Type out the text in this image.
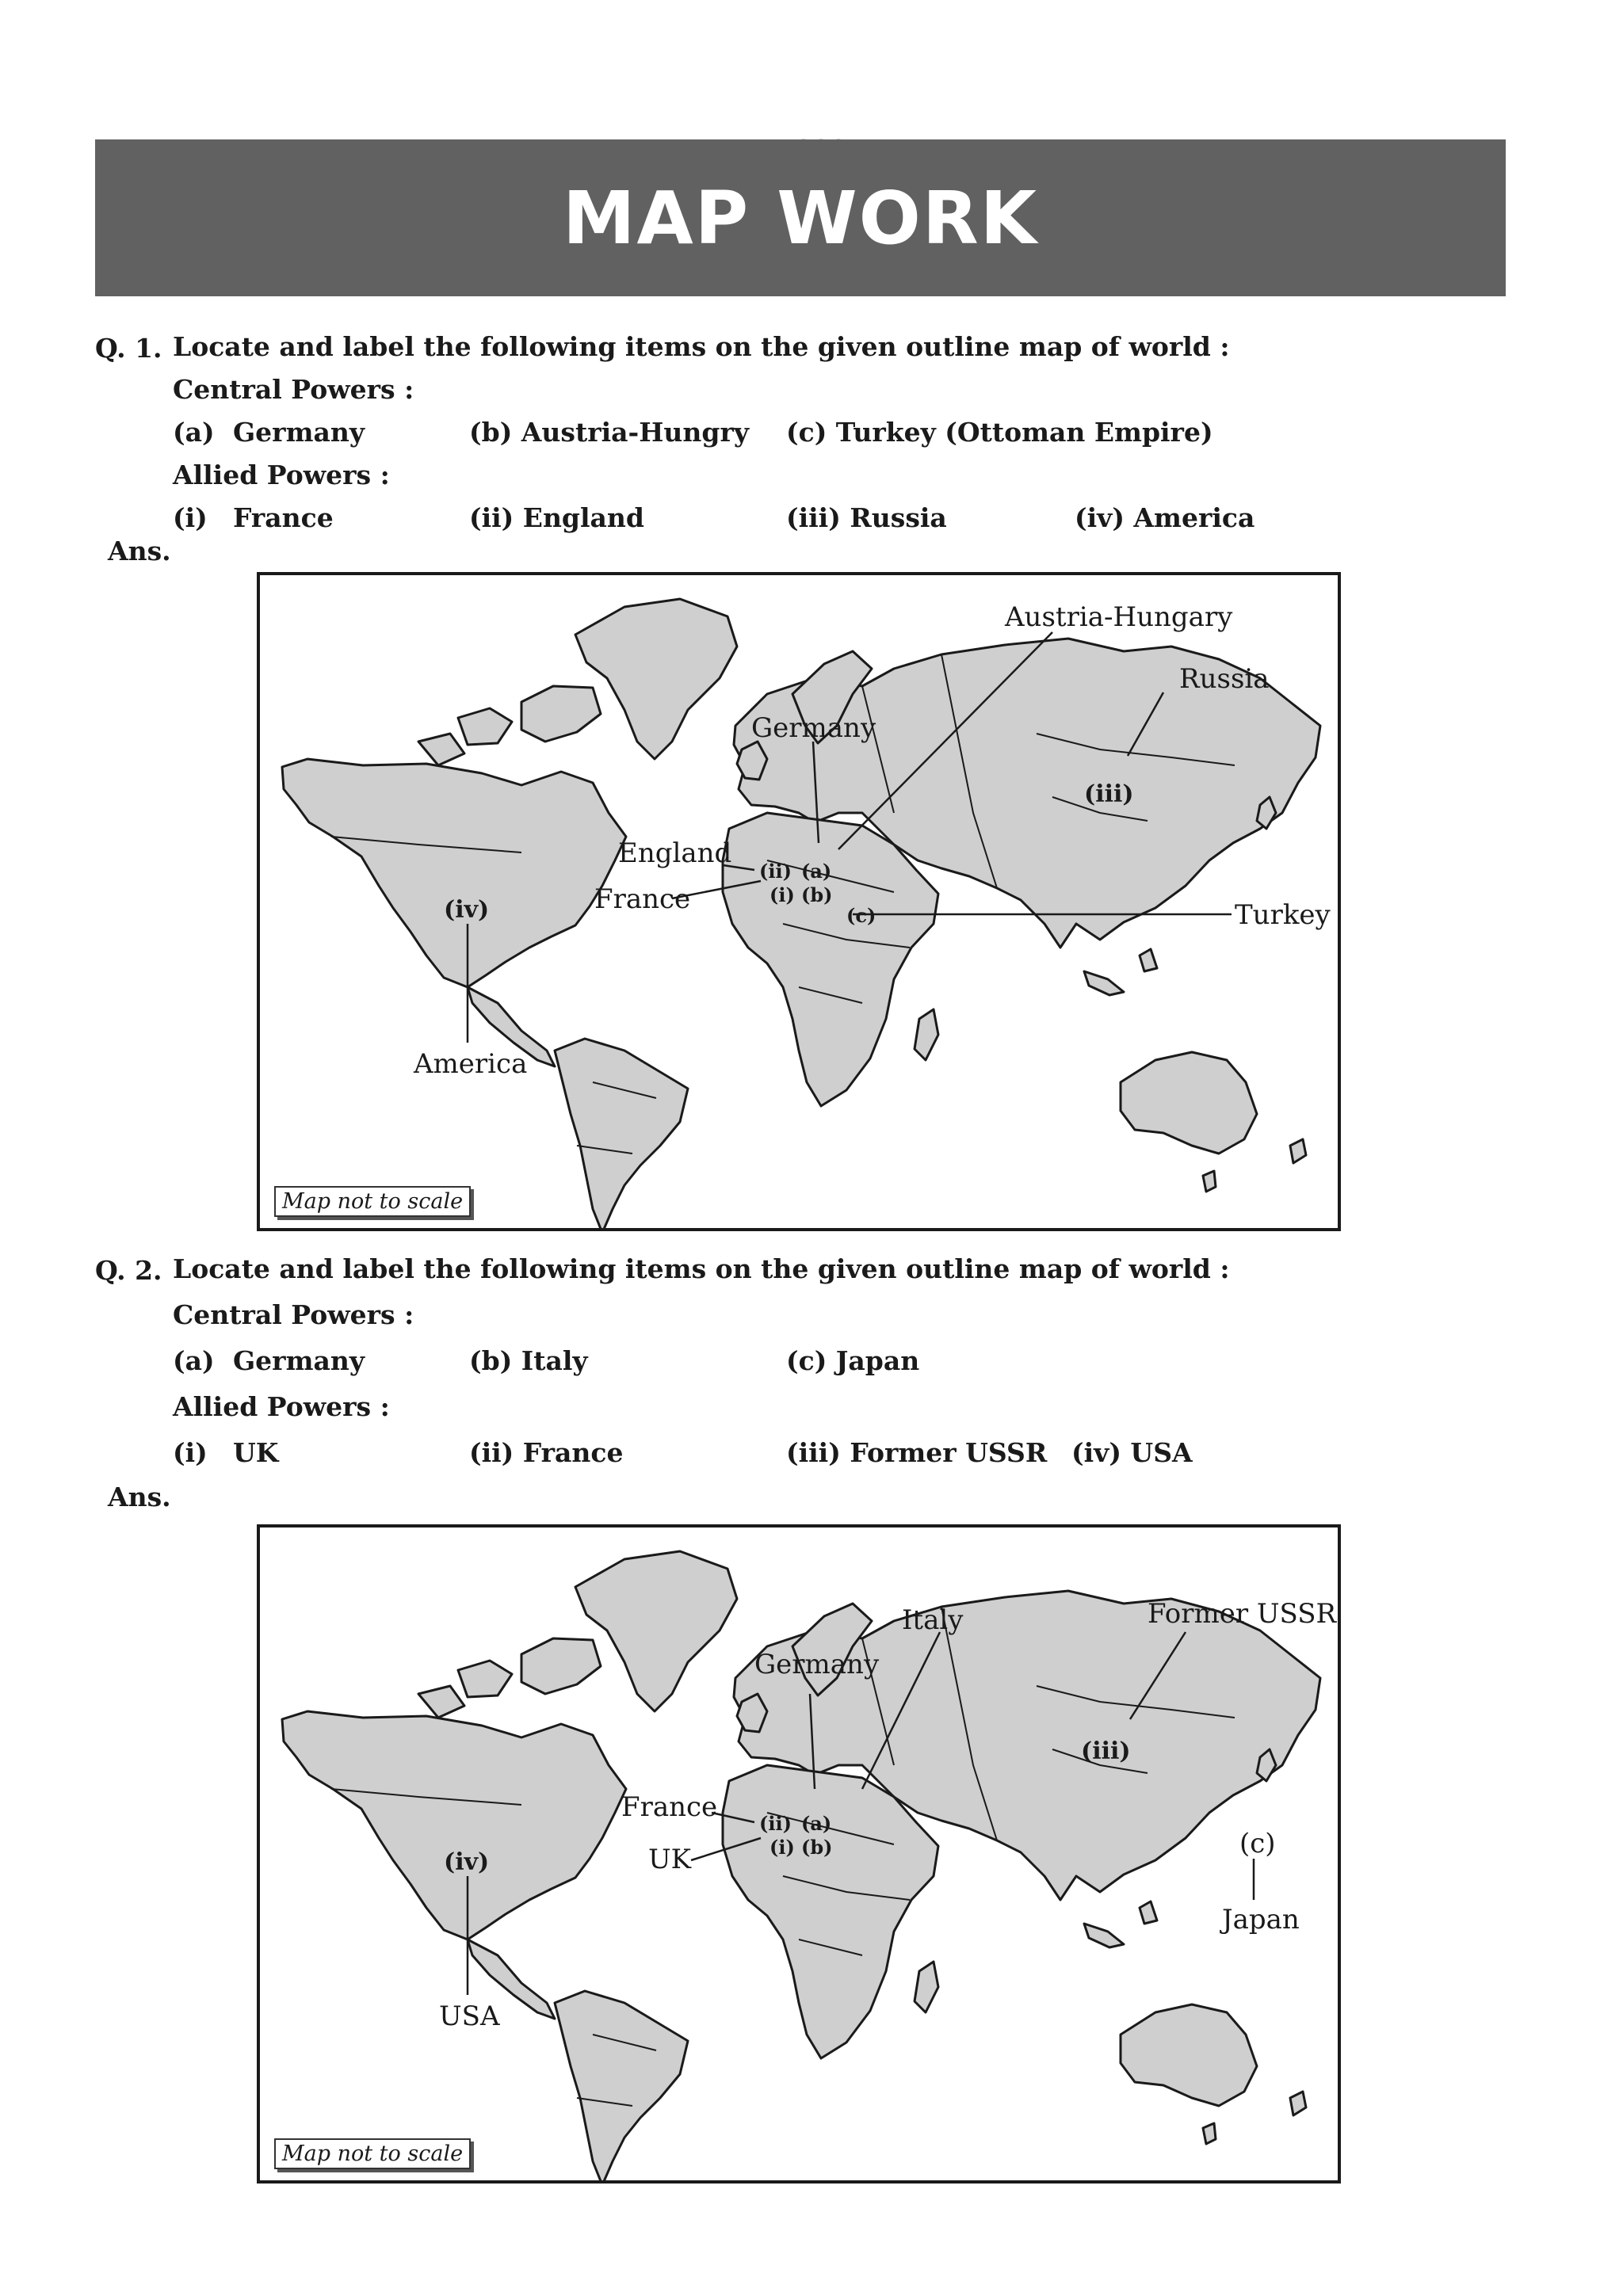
MAP WORK
Q. 1. Locate and label the following items on the given outline map of world :
Central Powers :
(a) Germany	(b) Austria-Hungry (c) Turkey (Ottoman Empire)
Allied Powers :
(i) France	(ii) England	(iii) Russia	(iv) America
Ans.
Austria-Hungary
Russia
(iii)
Germany
England
(ii) (a)
(i) (b)
France
(c)	Turkey
(iv)
America
Map not to scale
Q. 2. Locate and label the following items on the given outline map of world :
Central Powers :
(a) Germany	(b) Italy	(c) Japan
Allied Powers :
(i) UK	(ii) France	(iii) Former USSR (iv) USA
Ans.
Italy	Former USSR
(iii)
Germany
France
(ii) (a)
(i) (b)
UK	(c)
Japan
(iv)
USA
Map not to scale
